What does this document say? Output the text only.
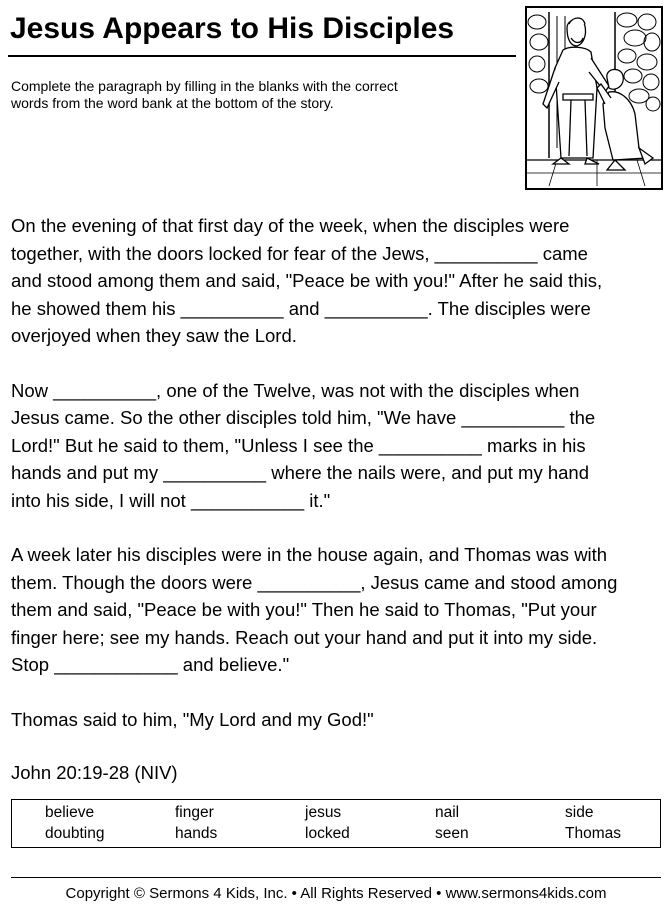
Jesus Appears to His Disciples
Complete the paragraph by filling in the blanks with the correct
words from the word bank at the bottom of the story.

On the evening of that first day of the week, when the disciples were
together, with the doors locked for fear of the Jews, __________ came
and stood among them and said, "Peace be with you!" After he said this,
he showed them his __________ and __________. The disciples were
overjoyed when they saw the Lord.

Now __________, one of the Twelve, was not with the disciples when
Jesus came. So the other disciples told him, "We have __________ the
Lord!" But he said to them, "Unless I see the __________ marks in his
hands and put my __________ where the nails were, and put my hand
into his side, I will not ___________ it."

A week later his disciples were in the house again, and Thomas was with
them. Though the doors were __________, Jesus came and stood among
them and said, "Peace be with you!" Then he said to Thomas, "Put your
finger here; see my hands. Reach out your hand and put it into my side.
Stop ____________ and believe."

Thomas said to him, "My Lord and my God!"

John 20:19-28 (NIV)
believe	finger	jesus	nail	side
doubting	hands	locked	seen	Thomas
Copyright © Sermons 4 Kids, Inc. • All Rights Reserved • www.sermons4kids.com
